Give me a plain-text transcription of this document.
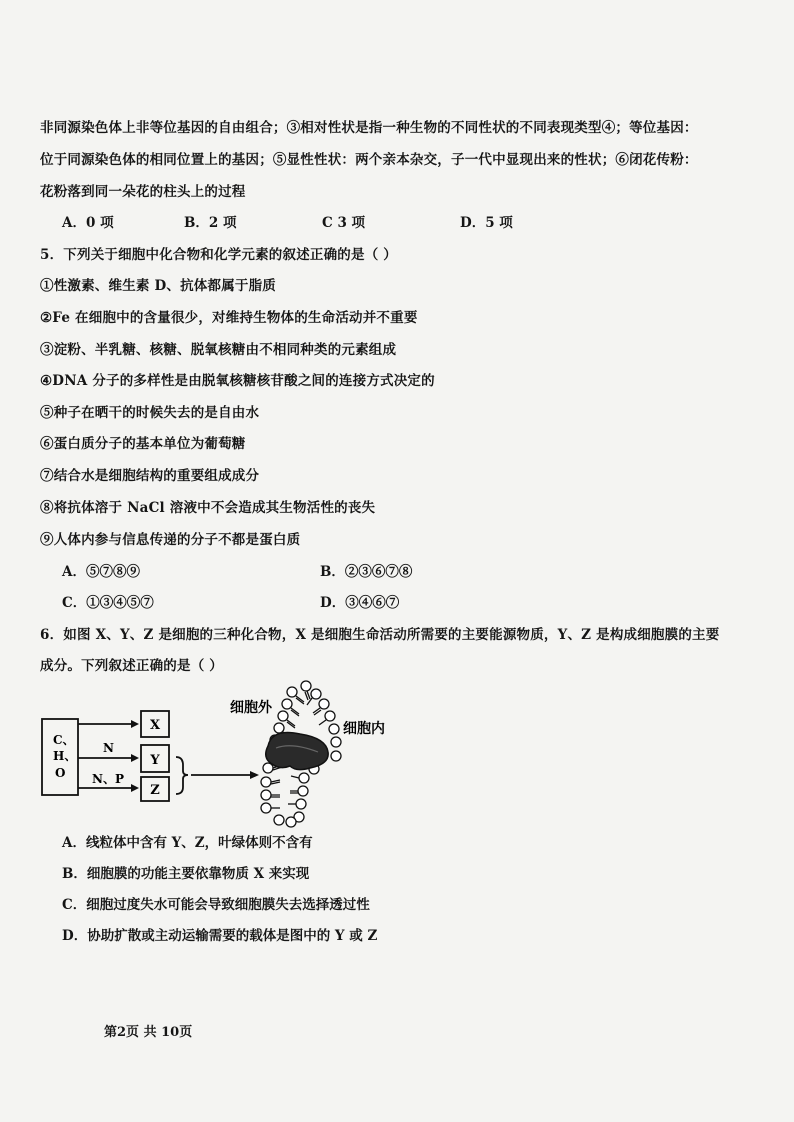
非同源染色体上非等位基因的自由组合；③相对性状是指一种生物的不同性状的不同表现类型④；等位基因：
位于同源染色体的相同位置上的基因；⑤显性性状：两个亲本杂交，子一代中显现出来的性状；⑥闭花传粉：
花粉落到同一朵花的柱头上的过程
A．0 项	B．2 项	C 3 项	D．5 项
5．下列关于细胞中化合物和化学元素的叙述正确的是（ ）
①性激素、维生素 D、抗体都属于脂质
②Fe 在细胞中的含量很少，对维持生物体的生命活动并不重要
③淀粉、半乳糖、核糖、脱氧核糖由不相同种类的元素组成
④DNA 分子的多样性是由脱氧核糖核苷酸之间的连接方式决定的
⑤种子在晒干的时候失去的是自由水
⑥蛋白质分子的基本单位为葡萄糖
⑦结合水是细胞结构的重要组成成分
⑧将抗体溶于 NaCl 溶液中不会造成其生物活性的丧失
⑨人体内参与信息传递的分子不都是蛋白质
A．⑤⑦⑧⑨	B．②③⑥⑦⑧
C．①③④⑤⑦	D．③④⑥⑦
6．如图 X、Y、Z 是细胞的三种化合物，X 是细胞生命活动所需要的主要能源物质，Y、Z 是构成细胞膜的主要
成分。下列叙述正确的是（ ）
C、
H、
O
N
N、P
X
Y
Z
细胞外
细胞内
A．线粒体中含有 Y、Z，叶绿体则不含有
B．细胞膜的功能主要依靠物质 X 来实现
C．细胞过度失水可能会导致细胞膜失去选择透过性
D．协助扩散或主动运输需要的载体是图中的 Y 或 Z
第2页 共 10页
